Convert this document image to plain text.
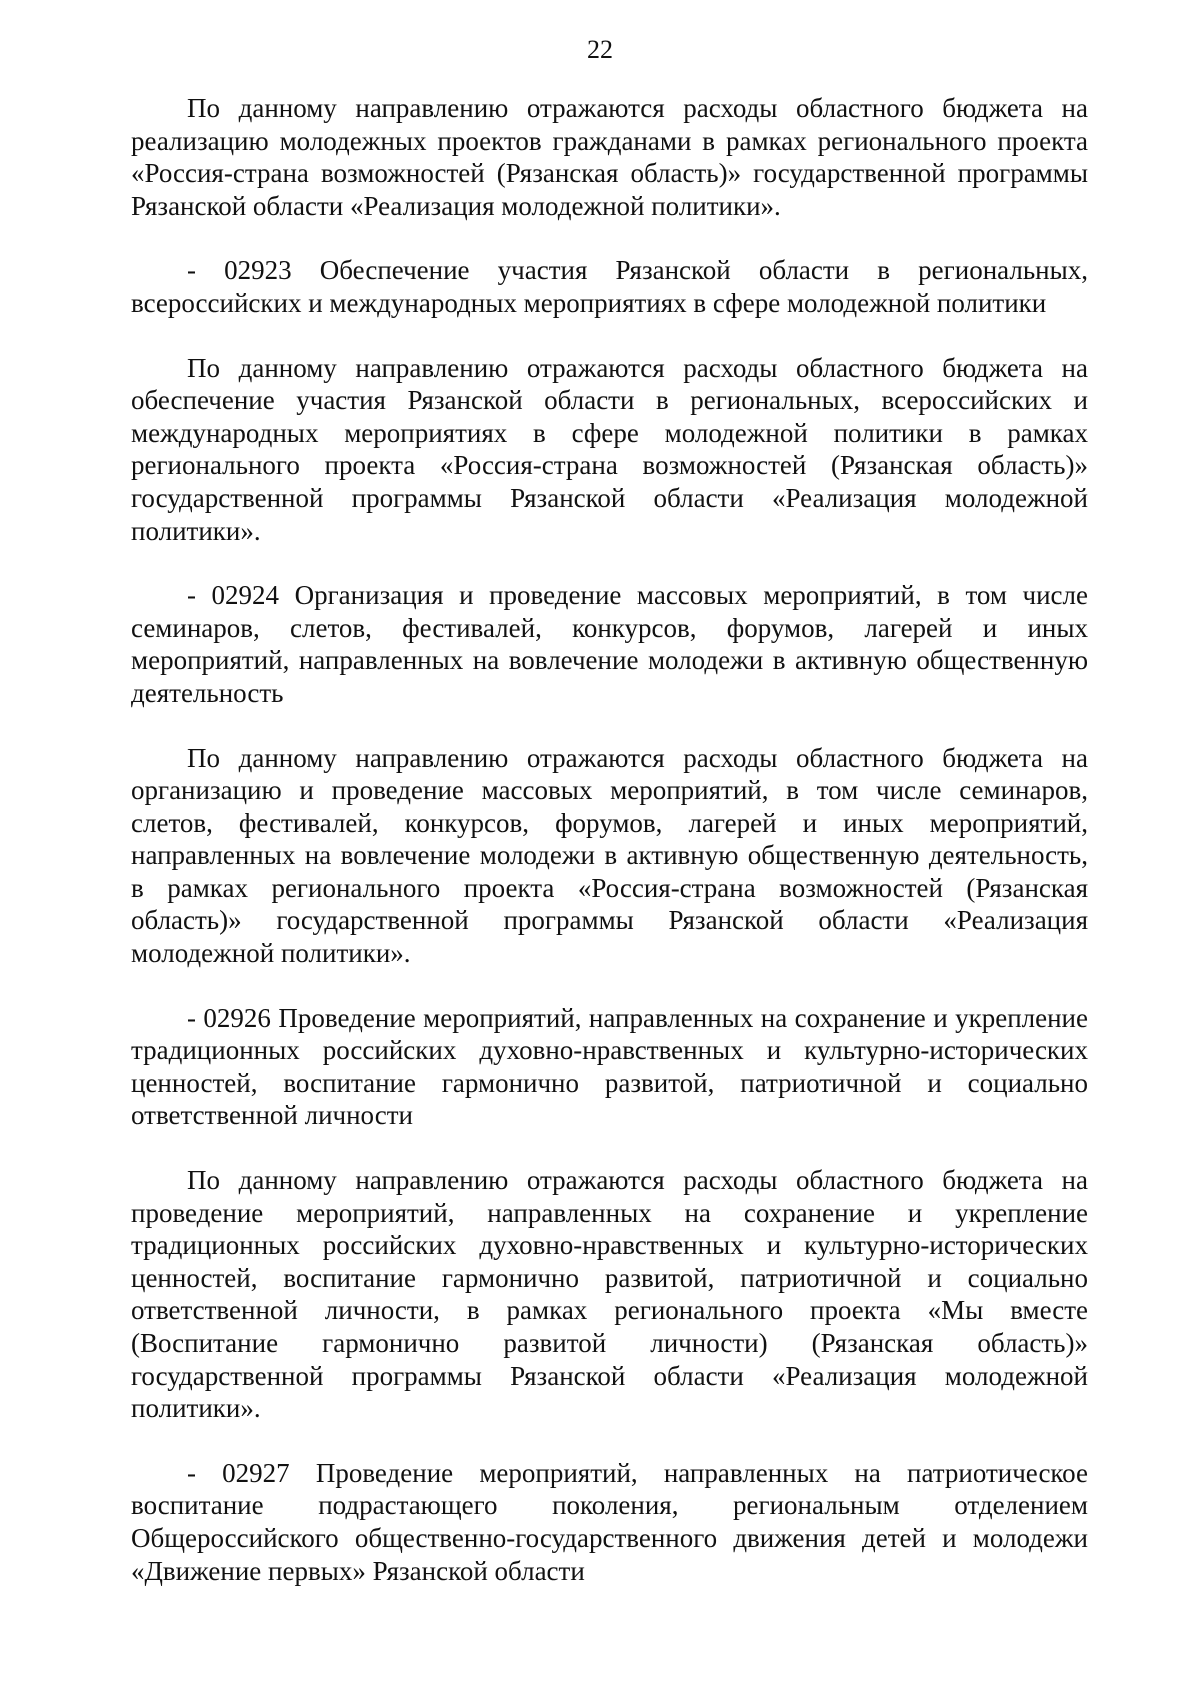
22

По данному направлению отражаются расходы областного бюджета на реализацию молодежных проектов гражданами в рамках регионального проекта «Россия-страна возможностей (Рязанская область)» государственной программы Рязанской области «Реализация молодежной политики».

- 02923 Обеспечение участия Рязанской области в региональных, всероссийских и международных мероприятиях в сфере молодежной политики

По данному направлению отражаются расходы областного бюджета на обеспечение участия Рязанской области в региональных, всероссийских и международных мероприятиях в сфере молодежной политики в рамках регионального проекта «Россия-страна возможностей (Рязанская область)» государственной программы Рязанской области «Реализация молодежной политики».

- 02924 Организация и проведение массовых мероприятий, в том числе семинаров, слетов, фестивалей, конкурсов, форумов, лагерей и иных мероприятий, направленных на вовлечение молодежи в активную общественную деятельность

По данному направлению отражаются расходы областного бюджета на организацию и проведение массовых мероприятий, в том числе семинаров, слетов, фестивалей, конкурсов, форумов, лагерей и иных мероприятий, направленных на вовлечение молодежи в активную общественную деятельность, в рамках регионального проекта «Россия-страна возможностей (Рязанская область)» государственной программы Рязанской области «Реализация молодежной политики».

- 02926 Проведение мероприятий, направленных на сохранение и укрепление традиционных российских духовно-нравственных и культурно-исторических ценностей, воспитание гармонично развитой, патриотичной и социально ответственной личности

По данному направлению отражаются расходы областного бюджета на проведение мероприятий, направленных на сохранение и укрепление традиционных российских духовно-нравственных и культурно-исторических ценностей, воспитание гармонично развитой, патриотичной и социально ответственной личности, в рамках регионального проекта «Мы вместе (Воспитание гармонично развитой личности) (Рязанская область)» государственной программы Рязанской области «Реализация молодежной политики».

- 02927 Проведение мероприятий, направленных на патриотическое воспитание подрастающего поколения, региональным отделением Общероссийского общественно-государственного движения детей и молодежи «Движение первых» Рязанской области
